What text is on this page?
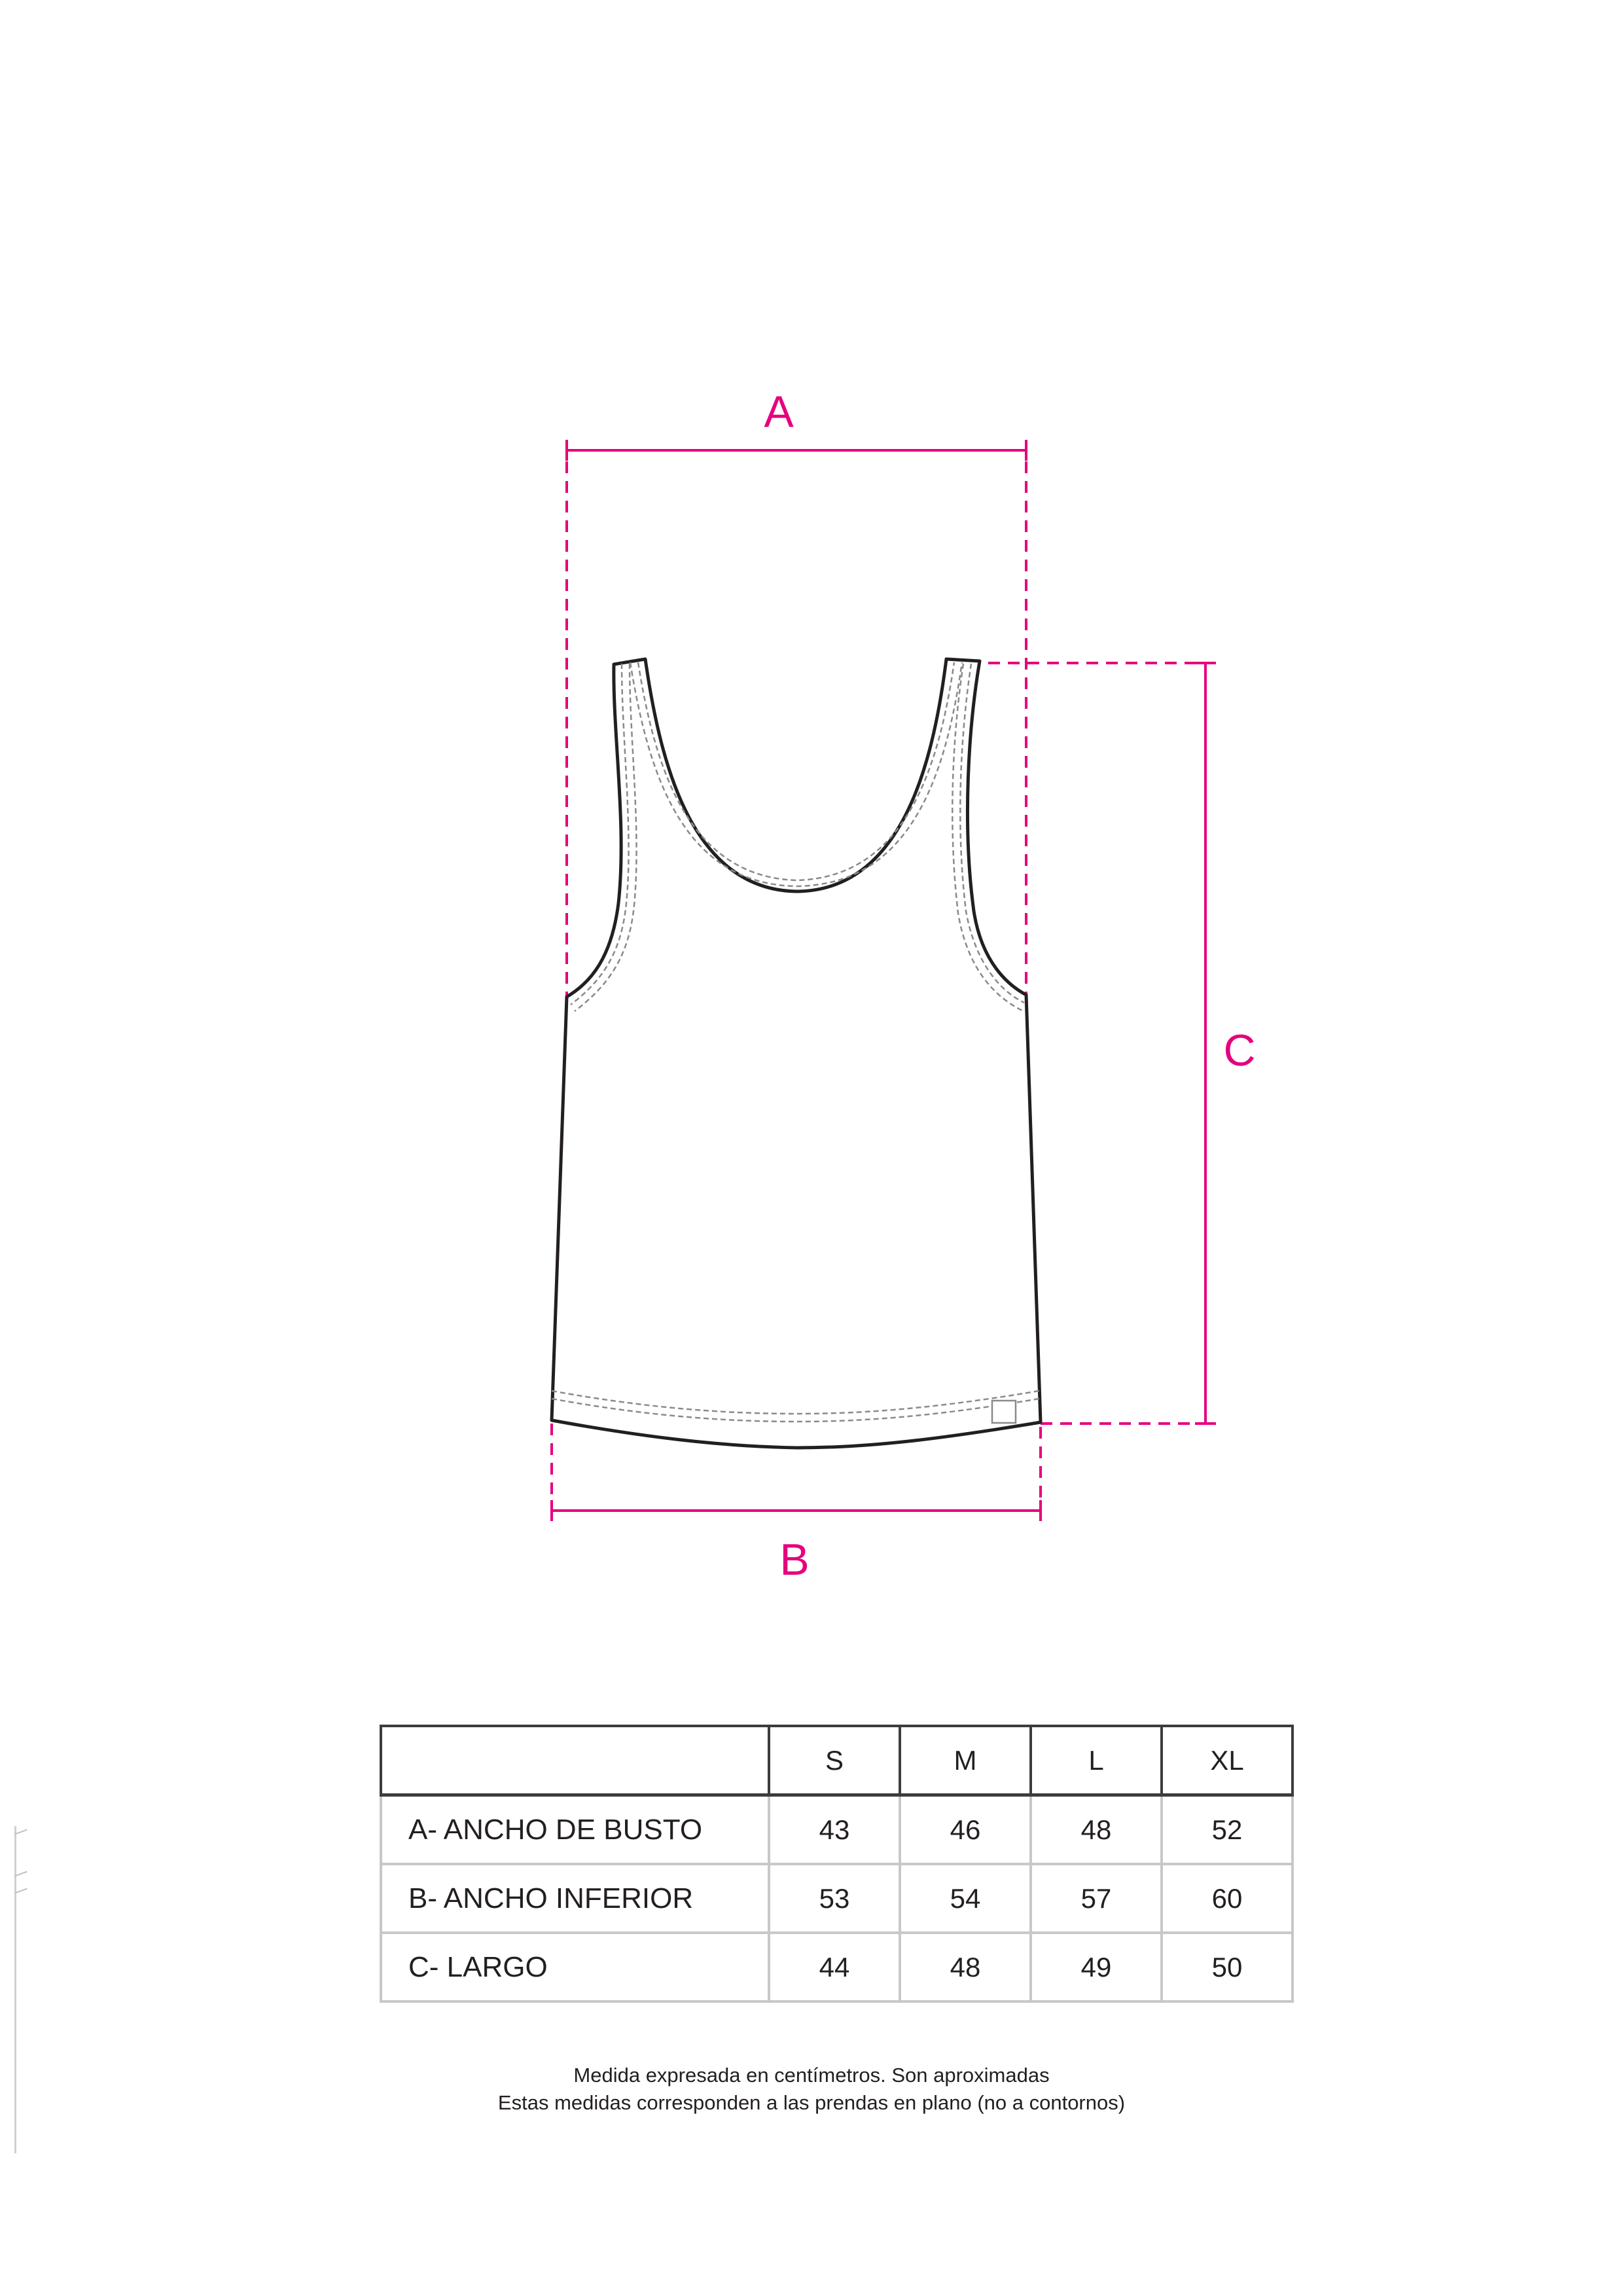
A
C
B
	S	M	L	XL
A- ANCHO DE BUSTO	43	46	48	52
B- ANCHO INFERIOR	53	54	57	60
C- LARGO	44	48	49	50
Medida expresada en centímetros. Son aproximadas
Estas medidas corresponden a las prendas en plano (no a contornos)
